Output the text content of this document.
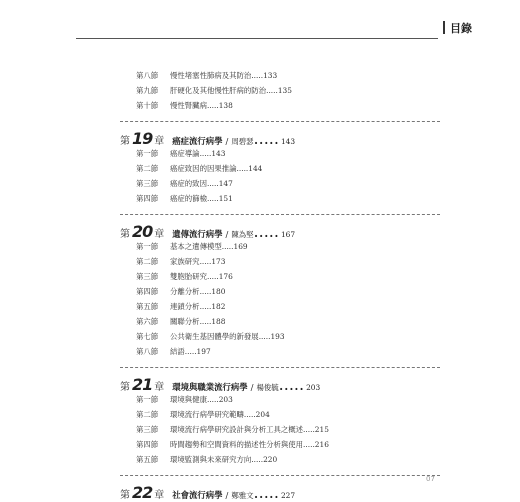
目錄
第八節	慢性堵塞性肺病及其防治 ..... 133
第九節	肝硬化及其他慢性肝病的防治 ..... 135
第十節	慢性腎臟病 ..... 138
第 19 章 癌症流行病學 / 周碧瑟 ..... 143
第一節	癌症導論 ..... 143
第二節	癌症致因的因果推論 ..... 144
第三節	癌症的致因 ..... 147
第四節	癌症的篩檢 ..... 151
第 20 章 遺傳流行病學 / 陳為堅 ..... 167
第一節	基本之遺傳模型 ..... 169
第二節	家族研究 ..... 173
第三節	雙胞胎研究 ..... 176
第四節	分離分析 ..... 180
第五節	連鎖分析 ..... 182
第六節	關聯分析 ..... 188
第七節	公共衛生基因體學的新發展 ..... 193
第八節	結語 ..... 197
第 21 章 環境與職業流行病學 / 楊俊毓 ..... 203
第一節	環境與健康 ..... 203
第二節	環境流行病學研究範疇 ..... 204
第三節	環境流行病學研究設計與分析工具之概述 ..... 215
第四節	時間趨勢和空間資料的描述性分析與使用 ..... 216
第五節	環境監測與未來研究方向 ..... 220
第 22 章 社會流行病學 / 鄭雅文 ..... 227
07
